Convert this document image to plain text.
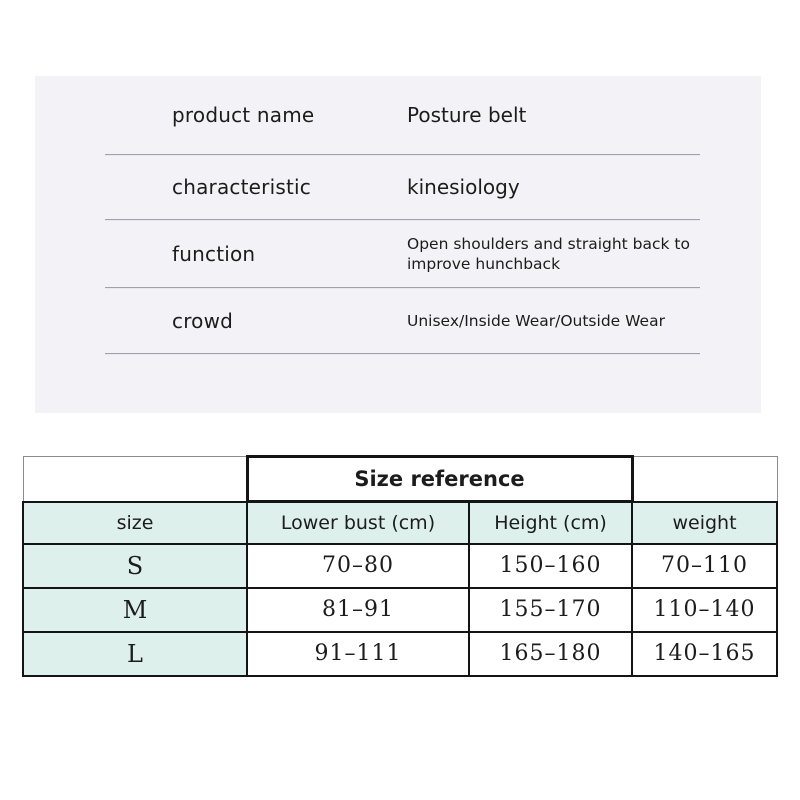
product name	Posture belt
characteristic	kinesiology
function	Open shoulders and straight back to improve hunchback
crowd	Unisex/Inside Wear/Outside Wear
	Size reference		
size	Lower bust (cm)	Height (cm)	weight
S	70–80	150–160	70–110
M	81–91	155–170	110–140
L	91–111	165–180	140–165
